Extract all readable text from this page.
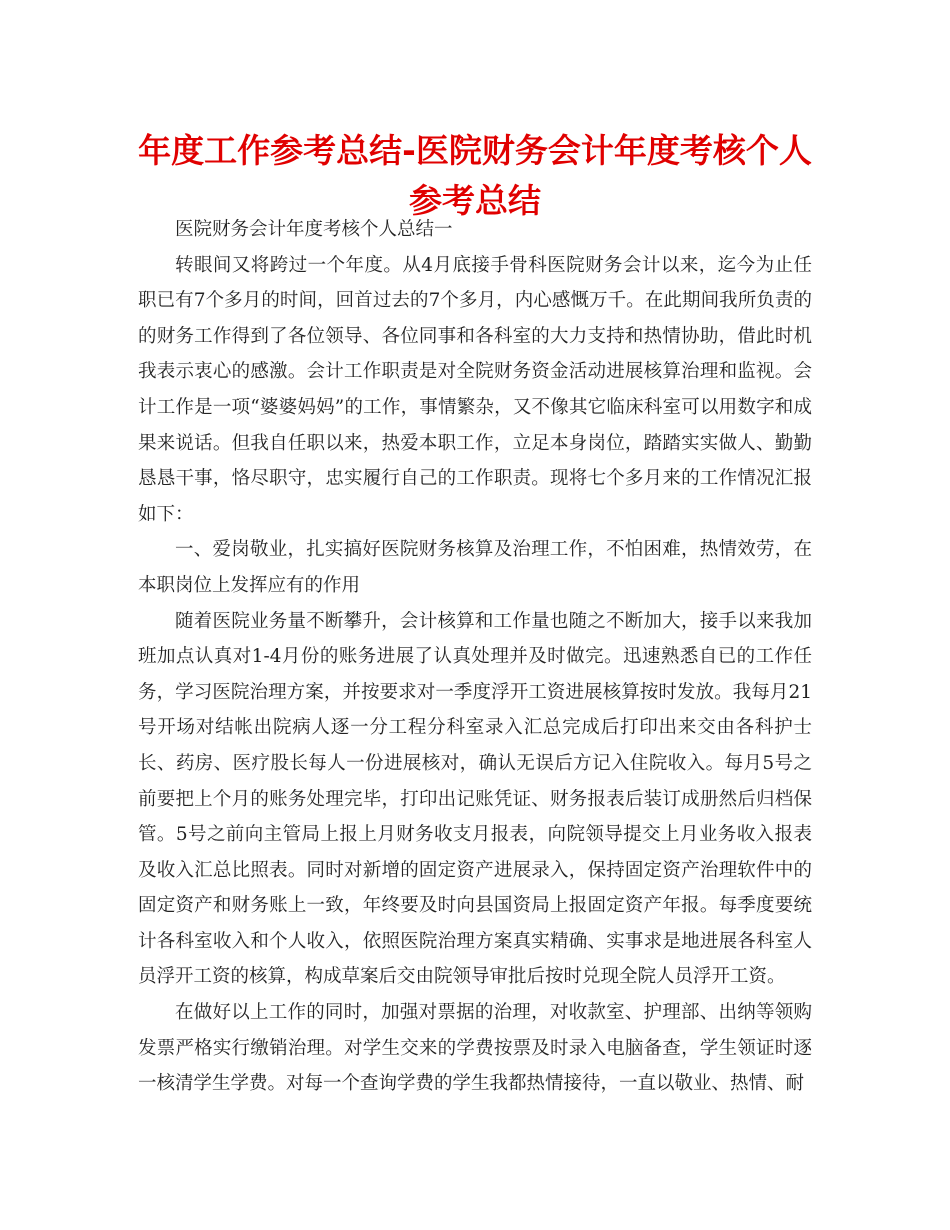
年度工作参考总结-医院财务会计年度考核个人参考总结

医院财务会计年度考核个人总结一

转眼间又将跨过一个年度。从4月底接手骨科医院财务会计以来，迄今为止任职已有7个多月的时间，回首过去的7个多月，内心感慨万千。在此期间我所负责的的财务工作得到了各位领导、各位同事和各科室的大力支持和热情协助，借此时机我表示衷心的感激。会计工作职责是对全院财务资金活动进展核算治理和监视。会计工作是一项“婆婆妈妈”的工作，事情繁杂，又不像其它临床科室可以用数字和成果来说话。但我自任职以来，热爱本职工作，立足本身岗位，踏踏实实做人、勤勤恳恳干事，恪尽职守，忠实履行自己的工作职责。现将七个多月来的工作情况汇报如下：

一、爱岗敬业，扎实搞好医院财务核算及治理工作，不怕困难，热情效劳，在本职岗位上发挥应有的作用

随着医院业务量不断攀升，会计核算和工作量也随之不断加大，接手以来我加班加点认真对1-4月份的账务进展了认真处理并及时做完。迅速熟悉自已的工作任务，学习医院治理方案，并按要求对一季度浮开工资进展核算按时发放。我每月21号开场对结帐出院病人逐一分工程分科室录入汇总完成后打印出来交由各科护士长、药房、医疗股长每人一份进展核对，确认无误后方记入住院收入。每月5号之前要把上个月的账务处理完毕，打印出记账凭证、财务报表后装订成册然后归档保管。5号之前向主管局上报上月财务收支月报表，向院领导提交上月业务收入报表及收入汇总比照表。同时对新增的固定资产进展录入，保持固定资产治理软件中的固定资产和财务账上一致，年终要及时向县国资局上报固定资产年报。每季度要统计各科室收入和个人收入，依照医院治理方案真实精确、实事求是地进展各科室人员浮开工资的核算，构成草案后交由院领导审批后按时兑现全院人员浮开工资。

在做好以上工作的同时，加强对票据的治理，对收款室、护理部、出纳等领购发票严格实行缴销治理。对学生交来的学费按票及时录入电脑备查，学生领证时逐一核清学生学费。对每一个查询学费的学生我都热情接待，一直以敬业、热情、耐
